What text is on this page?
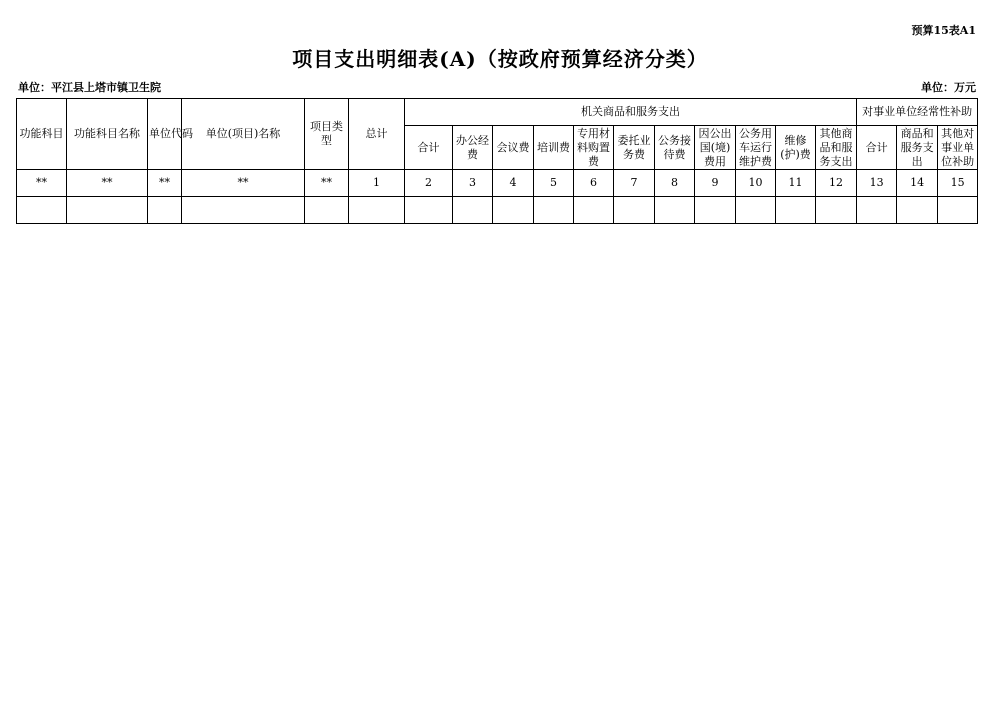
预算15表A1
项目支出明细表(A)（按政府预算经济分类）
单位：平江县上塔市镇卫生院	单位：万元
功能科目	功能科目名称	单位代码	单位(项目)名称	项目类型	总计	机关商品和服务支出											对事业单位经常性补助		
						合计	办公经费	会议费	培训费	专用材料购置费	委托业务费	公务接待费	因公出国(境)费用	公务用车运行维护费	维修(护)费	其他商品和服务支出	合计	商品和服务支出	其他对事业单位补助
**	**	**	**	**	1	2	3	4	5	6	7	8	9	10	11	12	13	14	15
